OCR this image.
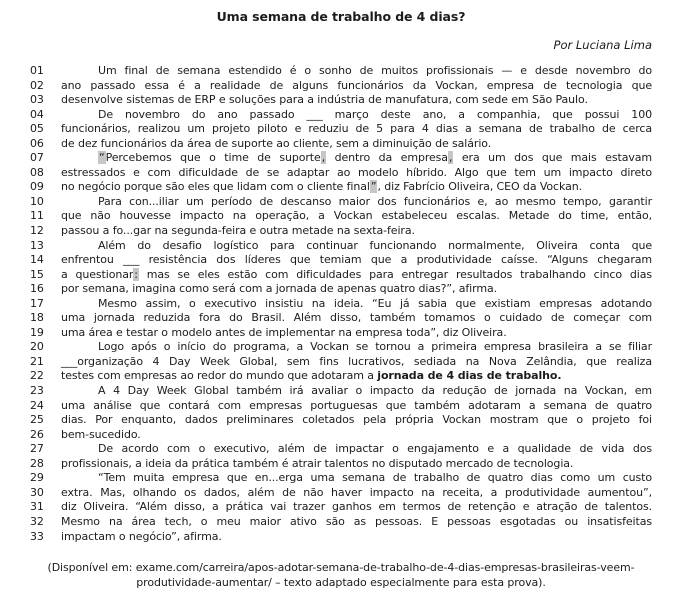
Uma semana de trabalho de 4 dias?
Por Luciana Lima
01	Um final de semana estendido é o sonho de muitos profissionais — e desde novembro do
02	ano passado essa é a realidade de alguns funcionários da Vockan, empresa de tecnologia que
03	desenvolve sistemas de ERP e soluções para a indústria de manufatura, com sede em São Paulo.
04	De novembro do ano passado ___ março deste ano, a companhia, que possui 100
05	funcionários, realizou um projeto piloto e reduziu de 5 para 4 dias a semana de trabalho de cerca
06	de dez funcionários da área de suporte ao cliente, sem a diminuição de salário.
07	“Percebemos que o time de suporte, dentro da empresa, era um dos que mais estavam
08	estressados e com dificuldade de se adaptar ao modelo híbrido. Algo que tem um impacto direto
09	no negócio porque são eles que lidam com o cliente final”, diz Fabrício Oliveira, CEO da Vockan.
10	Para con...iliar um período de descanso maior dos funcionários e, ao mesmo tempo, garantir
11	que não houvesse impacto na operação, a Vockan estabeleceu escalas. Metade do time, então,
12	passou a fo...gar na segunda-feira e outra metade na sexta-feira.
13	Além do desafio logístico para continuar funcionando normalmente, Oliveira conta que
14	enfrentou ___ resistência dos líderes que temiam que a produtividade caísse. “Alguns chegaram
15	a questionar: mas se eles estão com dificuldades para entregar resultados trabalhando cinco dias
16	por semana, imagina como será com a jornada de apenas quatro dias?”, afirma.
17	Mesmo assim, o executivo insistiu na ideia. “Eu já sabia que existiam empresas adotando
18	uma jornada reduzida fora do Brasil. Além disso, também tomamos o cuidado de começar com
19	uma área e testar o modelo antes de implementar na empresa toda”, diz Oliveira.
20	Logo após o início do programa, a Vockan se tornou a primeira empresa brasileira a se filiar
21	___organização 4 Day Week Global, sem fins lucrativos, sediada na Nova Zelândia, que realiza
22	testes com empresas ao redor do mundo que adotaram a jornada de 4 dias de trabalho.
23	A 4 Day Week Global também irá avaliar o impacto da redução de jornada na Vockan, em
24	uma análise que contará com empresas portuguesas que também adotaram a semana de quatro
25	dias. Por enquanto, dados preliminares coletados pela própria Vockan mostram que o projeto foi
26	bem-sucedido.
27	De acordo com o executivo, além de impactar o engajamento e a qualidade de vida dos
28	profissionais, a ideia da prática também é atrair talentos no disputado mercado de tecnologia.
29	“Tem muita empresa que en...erga uma semana de trabalho de quatro dias como um custo
30	extra. Mas, olhando os dados, além de não haver impacto na receita, a produtividade aumentou”,
31	diz Oliveira. “Além disso, a prática vai trazer ganhos em termos de retenção e atração de talentos.
32	Mesmo na área tech, o meu maior ativo são as pessoas. E pessoas esgotadas ou insatisfeitas
33	impactam o negócio”, afirma.
(Disponível em: exame.com/carreira/apos-adotar-semana-de-trabalho-de-4-dias-empresas-brasileiras-veem-
produtividade-aumentar/ – texto adaptado especialmente para esta prova).
